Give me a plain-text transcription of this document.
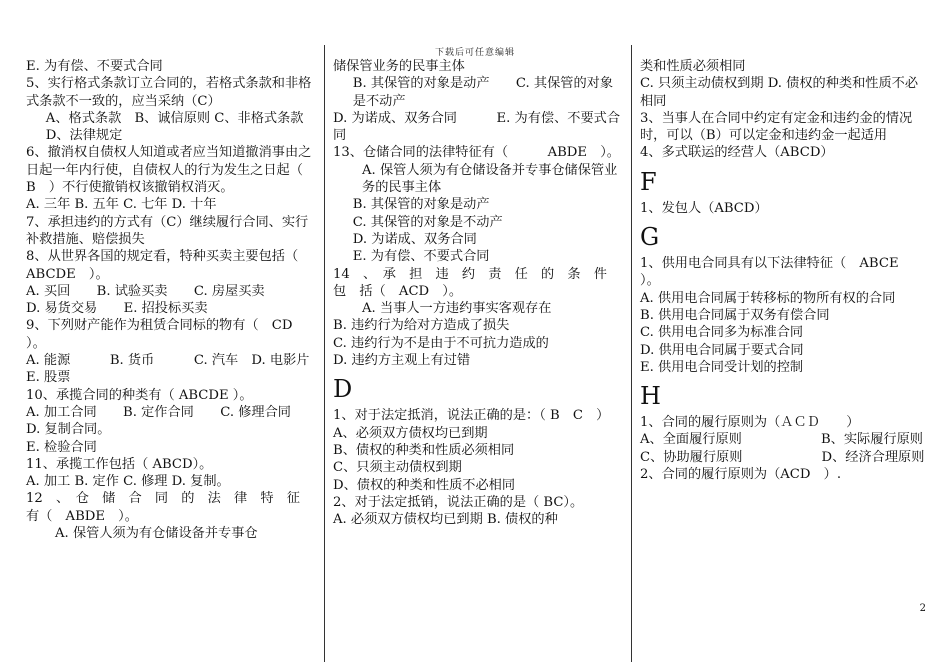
下载后可任意编辑
E. 为有偿、不要式合同
5、实行格式条款订立合同的，若格式条款和非格式条款不一致的，应当采纳（C）
A、格式条款　B、诚信原则 C、非格式条款　D、法律规定
6、撤消权自债权人知道或者应当知道撤消事由之日起一年内行使，自债权人的行为发生之日起（　B　）不行使撤销权该撤销权消灭。
A. 三年 B. 五年 C. 七年 D. 十年
7、承担违约的方式有（C）继续履行合同、实行补救措施、赔偿损失
8、从世界各国的规定看，特种买卖主要包括（　ABCDE　）。
A. 买回　　B. 试验买卖　　C. 房屋买卖
D. 易货交易　　E. 招投标买卖
9、下列财产能作为租赁合同标的物有（　CD　）。
A. 能源　　　B. 货币　　　C. 汽车　D. 电影片　　E. 股票
10、承揽合同的种类有（ ABCDE ）。
A. 加工合同　　B. 定作合同　　C. 修理合同　　D. 复制合同。
E. 检验合同
11、承揽工作包括（ ABCD）。
A. 加工 B. 定作 C. 修理 D. 复制。
12　、　仓　储　合　同　的　法　律　特　征　有（　ABDE　）。
A. 保管人须为有仓储设备并专事仓
储保管业务的民事主体
B. 其保管的对象是动产　　C. 其保管的对象是不动产
D. 为诺成、双务合同　　　E. 为有偿、不要式合同
13、仓储合同的法律特征有（　　　ABDE　）。
A. 保管人须为有仓储设备并专事仓储保管业务的民事主体
B. 其保管的对象是动产
C. 其保管的对象是不动产
D. 为诺成、双务合同
E. 为有偿、不要式合同
14　、　承　担　违　约　责　任　的　条　件　包　括（　ACD　）。
A. 当事人一方违约事实客观存在
B. 违约行为给对方造成了损失
C. 违约行为不是由于不可抗力造成的
D. 违约方主观上有过错
D
1、对于法定抵消，说法正确的是：（ B　C　）
A、必须双方债权均已到期
B、债权的种类和性质必须相同
C、只须主动债权到期
D、债权的种类和性质不必相同
2、对于法定抵销，说法正确的是（ BC）。
A. 必须双方债权均已到期 B. 债权的种
类和性质必须相同
C. 只须主动债权到期 D. 债权的种类和性质不必相同
3、当事人在合同中约定有定金和违约金的情况时，可以（B）可以定金和违约金一起适用
4、多式联运的经营人（ABCD）
F
1、发包人（ABCD）
G
1、供用电合同具有以下法律特征（　ABCE　）。
A. 供用电合同属于转移标的物所有权的合同
B. 供用电合同属于双务有偿合同
C. 供用电合同多为标准合同
D. 供用电合同属于要式合同
E. 供用电合同受计划的控制
H
1、合同的履行原则为（ＡＣＤ　　）
A、全面履行原则　　　　　　B、实际履行原则
C、协助履行原则　　　　　　D、经济合理原则
2、合同的履行原则为（ACD　）.
2
